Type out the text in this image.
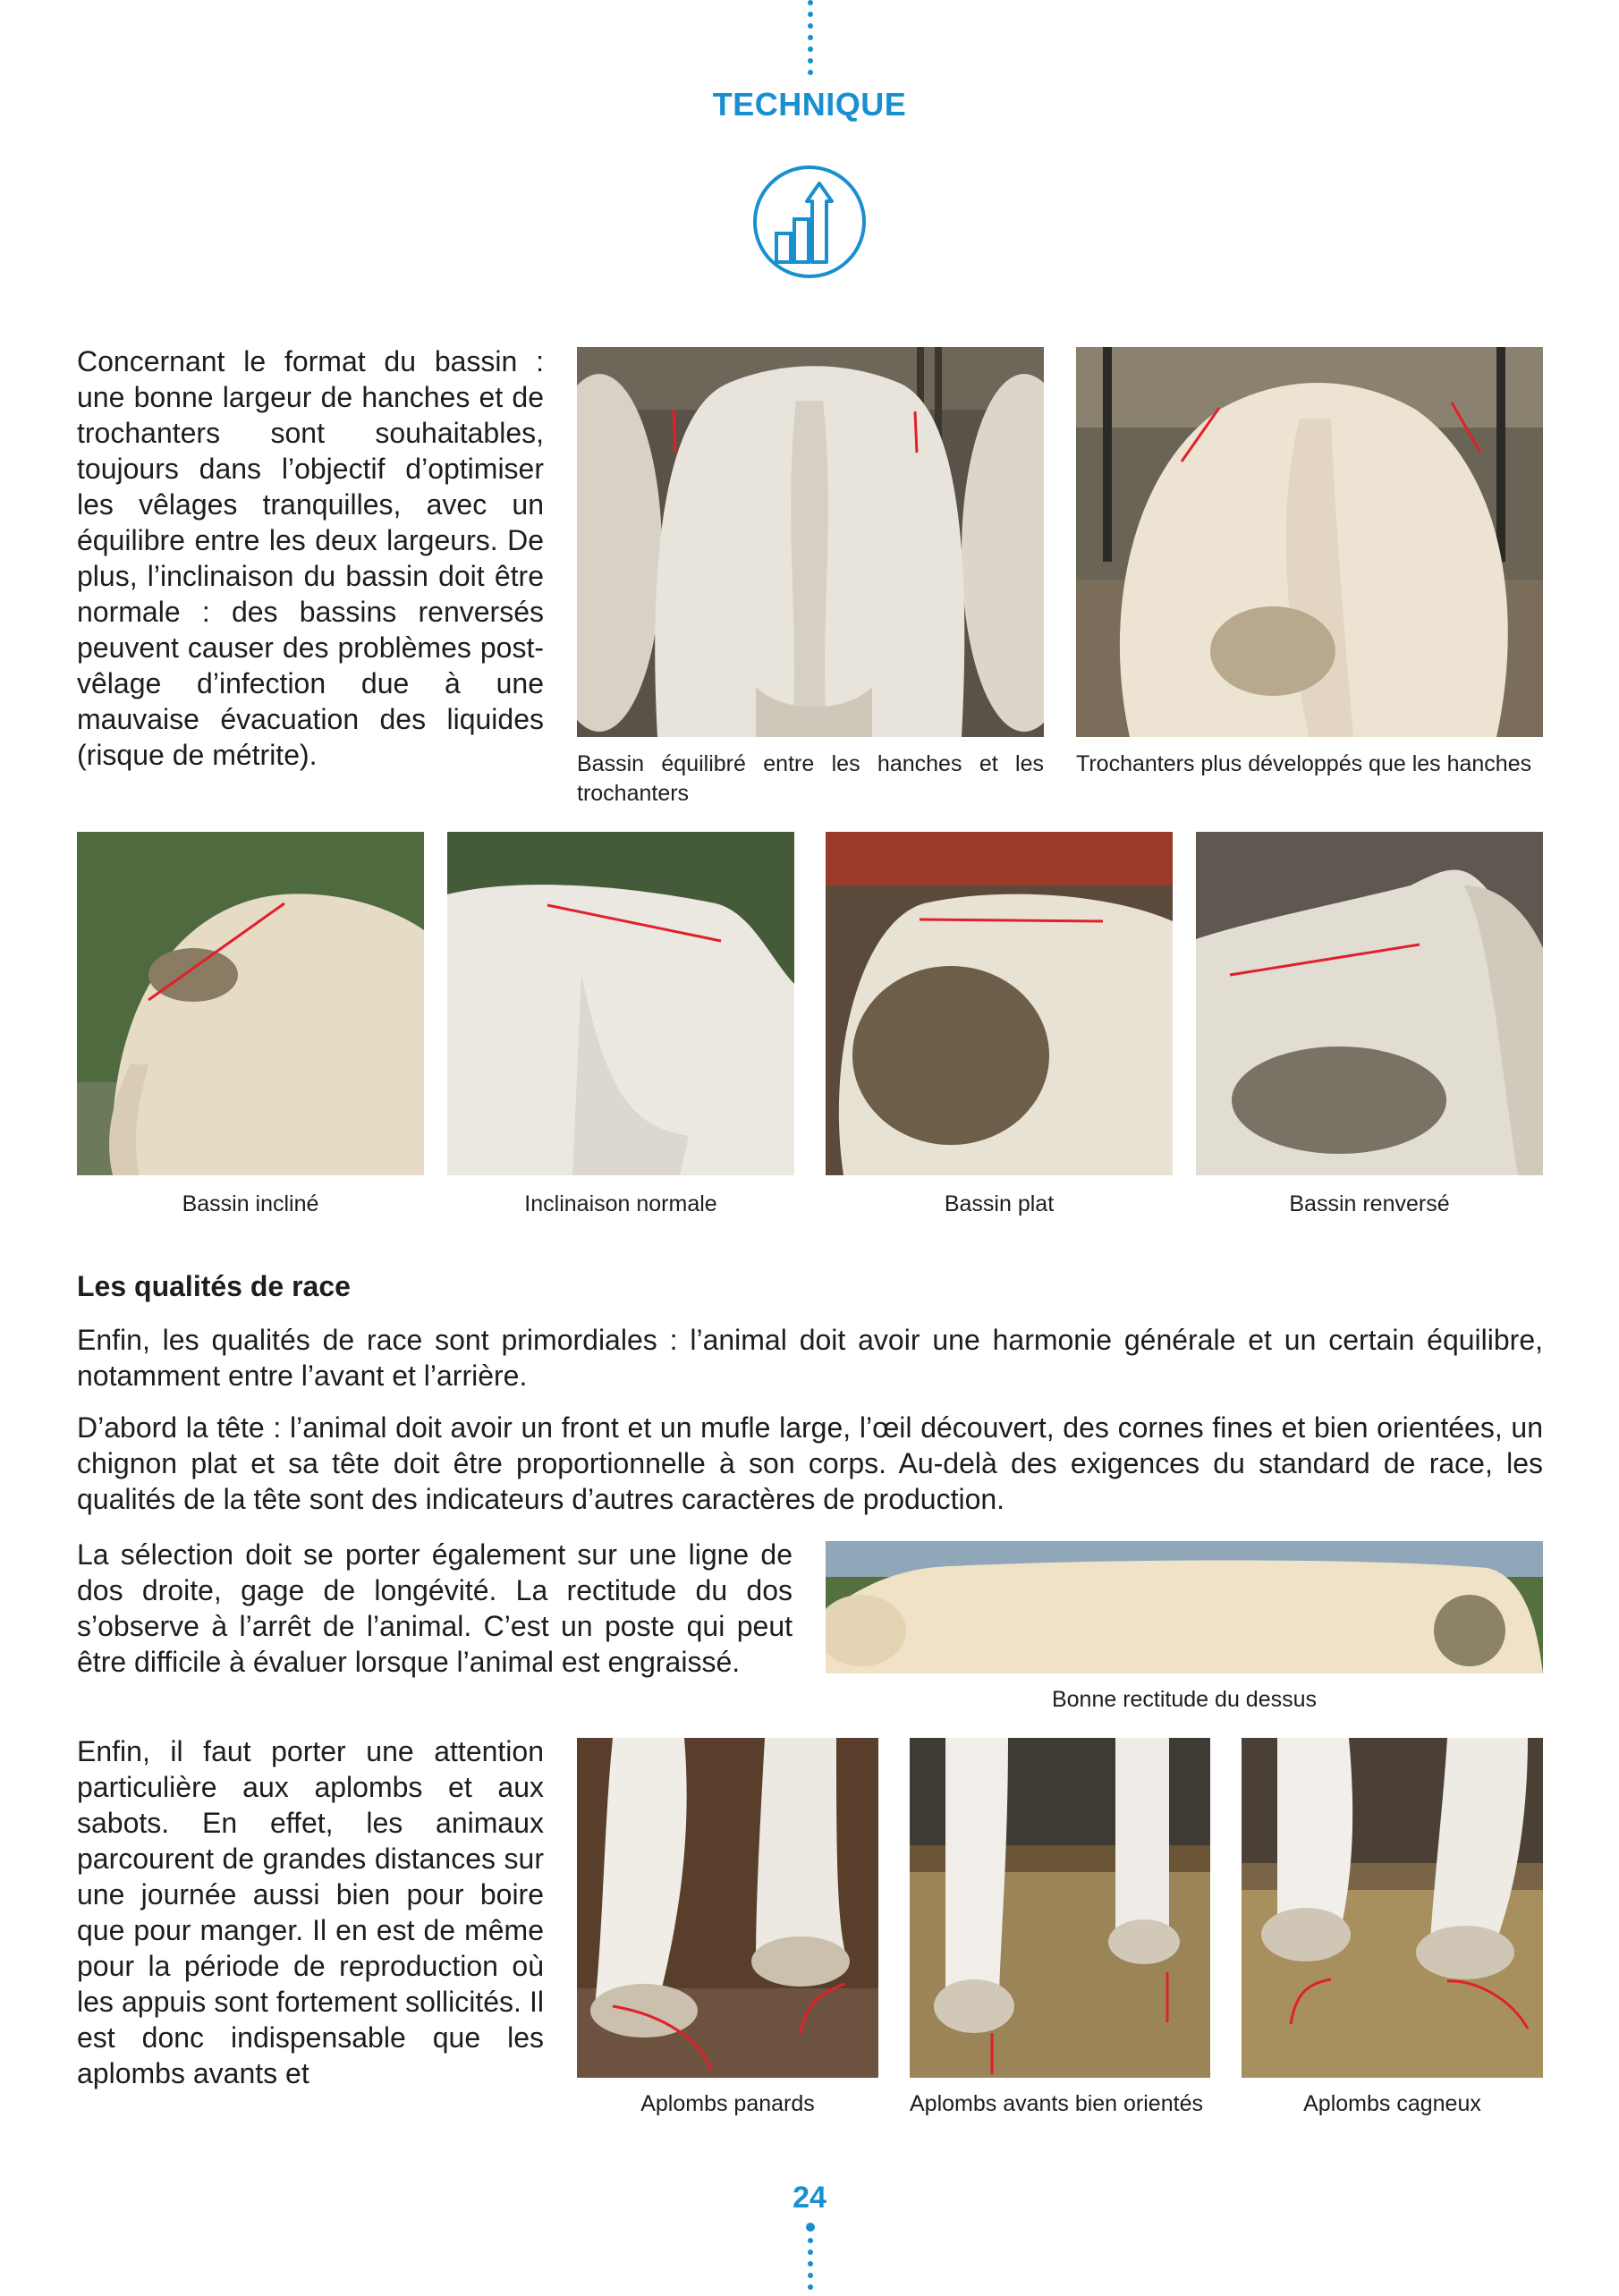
TECHNIQUE
Concernant le format du bassin : une bonne largeur de hanches et de trochanters sont souhaitables, toujours dans l’objectif d’optimiser les vêlages tranquilles, avec un équilibre entre les deux largeurs. De plus, l’inclinaison du bassin doit être normale : des bassins renversés peuvent causer des problèmes post-vêlage d’infection due à une mauvaise évacuation des liquides (risque de métrite).	Bassin équilibré entre les hanches et les trochanters
Trochanters plus développés que les hanches
Bassin incliné	Inclinaison normale	Bassin plat	Bassin renversé
Les qualités de race
Enfin, les qualités de race sont primordiales : l’animal doit avoir une harmonie générale et un certain équilibre, notamment entre l’avant et l’arrière.
D’abord la tête : l’animal doit avoir un front et un mufle large, l’œil découvert, des cornes fines et bien orientées, un chignon plat et sa tête doit être proportionnelle à son corps. Au-delà des exigences du standard de race, les qualités de la tête sont des indicateurs d’autres caractères de production.
La sélection doit se porter également sur une ligne de dos droite, gage de longévité. La rectitude du dos s’observe à l’arrêt de l’animal. C’est un poste qui peut être difficile à évaluer lorsque l’animal est engraissé.
Bonne rectitude du dessus
Enfin, il faut porter une attention particulière aux aplombs et aux sabots. En effet, les animaux parcourent de grandes distances sur une journée aussi bien pour boire que pour manger. Il en est de même pour la période de reproduction où les appuis sont fortement sollicités. Il est donc indispensable que les aplombs avants et
Aplombs panards	Aplombs avants bien orientés	Aplombs cagneux
24
